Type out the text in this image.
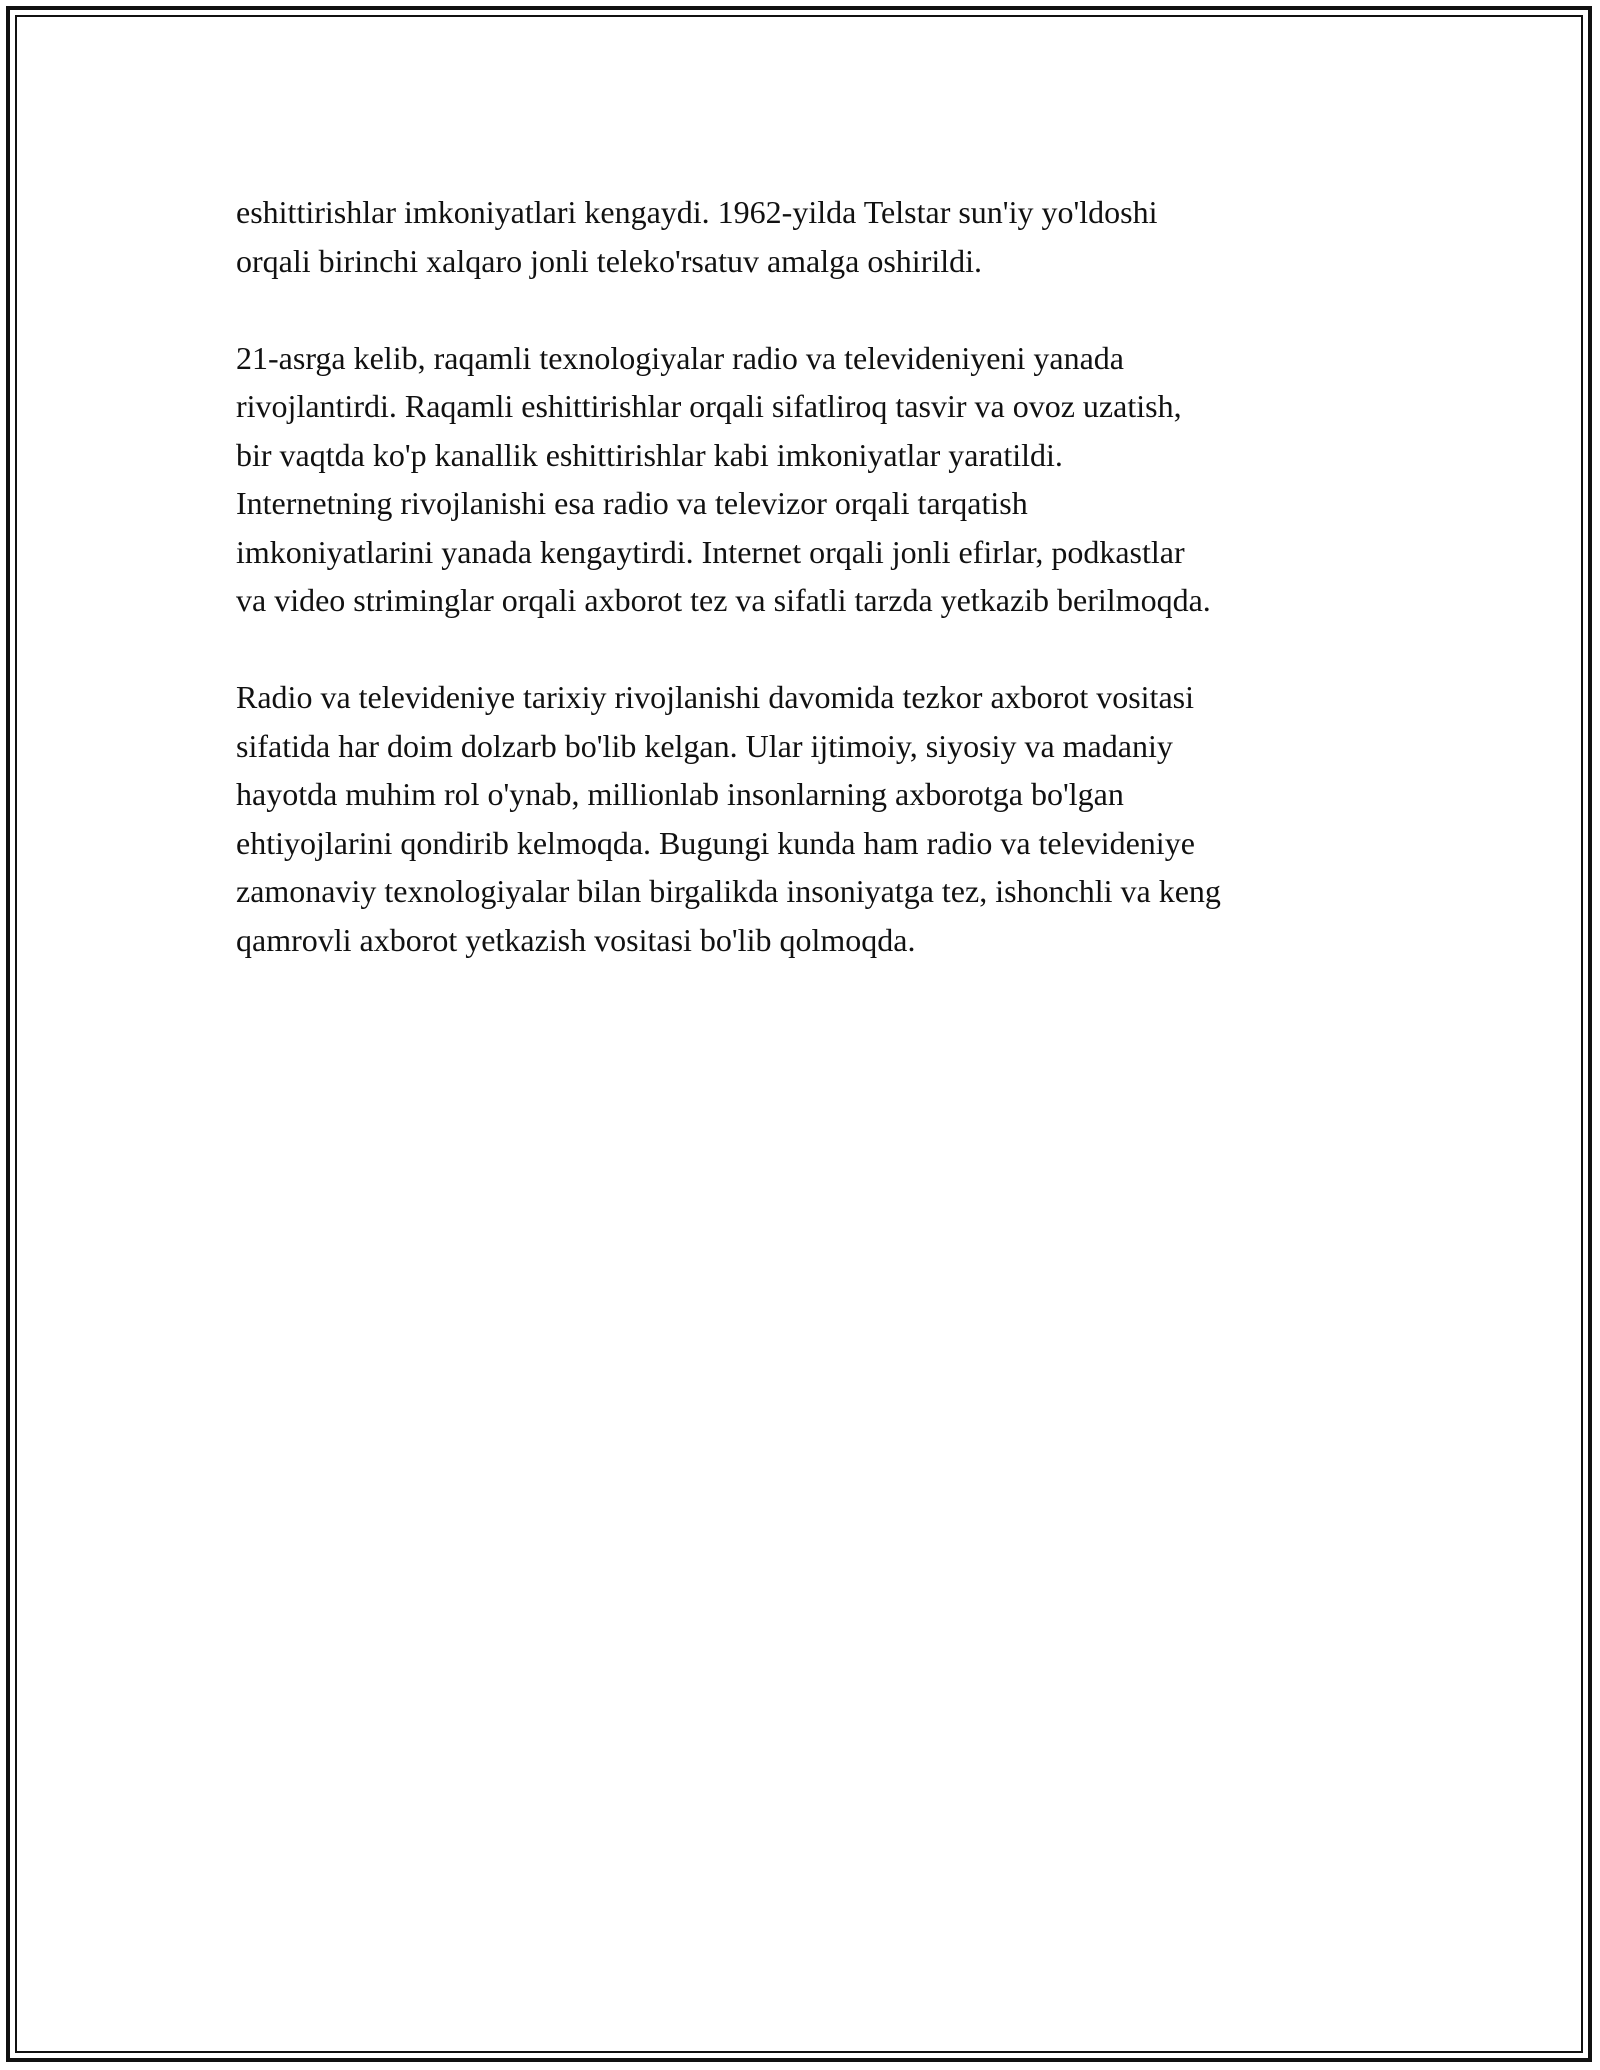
eshittirishlar imkoniyatlari kengaydi. 1962-yilda Telstar sun'iy yo'ldoshi
orqali birinchi xalqaro jonli teleko'rsatuv amalga oshirildi.

21-asrga kelib, raqamli texnologiyalar radio va televideniyeni yanada
rivojlantirdi. Raqamli eshittirishlar orqali sifatliroq tasvir va ovoz uzatish,
bir vaqtda ko'p kanallik eshittirishlar kabi imkoniyatlar yaratildi.
Internetning rivojlanishi esa radio va televizor orqali tarqatish
imkoniyatlarini yanada kengaytirdi. Internet orqali jonli efirlar, podkastlar
va video striminglar orqali axborot tez va sifatli tarzda yetkazib berilmoqda.

Radio va televideniye tarixiy rivojlanishi davomida tezkor axborot vositasi
sifatida har doim dolzarb bo'lib kelgan. Ular ijtimoiy, siyosiy va madaniy
hayotda muhim rol o'ynab, millionlab insonlarning axborotga bo'lgan
ehtiyojlarini qondirib kelmoqda. Bugungi kunda ham radio va televideniye
zamonaviy texnologiyalar bilan birgalikda insoniyatga tez, ishonchli va keng
qamrovli axborot yetkazish vositasi bo'lib qolmoqda.
